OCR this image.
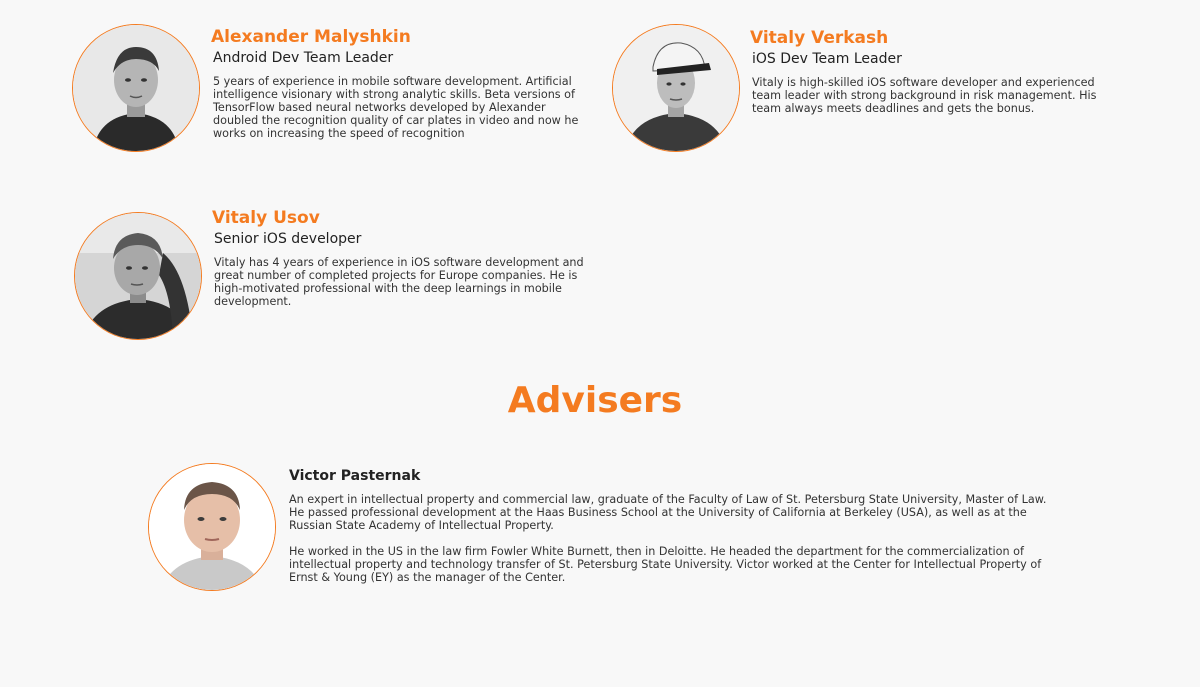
Alexander Malyshkin
Android Dev Team Leader

5 years of experience in mobile software development. Artificial intelligence visionary with strong analytic skills. Beta versions of TensorFlow based neural networks developed by Alexander doubled the recognition quality of car plates in video and now he works on increasing the speed of recognition

Vitaly Verkash
iOS Dev Team Leader

Vitaly is high-skilled iOS software developer and experienced team leader with strong background in risk management. His team always meets deadlines and gets the bonus.

Vitaly Usov
Senior iOS developer

Vitaly has 4 years of experience in iOS software development and great number of completed projects for Europe companies. He is high-motivated professional with the deep learnings in mobile development.

Advisers
Victor Pasternak

An expert in intellectual property and commercial law, graduate of the Faculty of Law of St. Petersburg State University, Master of Law. He passed professional development at the Haas Business School at the University of California at Berkeley (USA), as well as at the Russian State Academy of Intellectual Property.

He worked in the US in the law firm Fowler White Burnett, then in Deloitte. He headed the department for the commercialization of intellectual property and technology transfer of St. Petersburg State University. Victor worked at the Center for Intellectual Property of Ernst & Young (EY) as the manager of the Center.
